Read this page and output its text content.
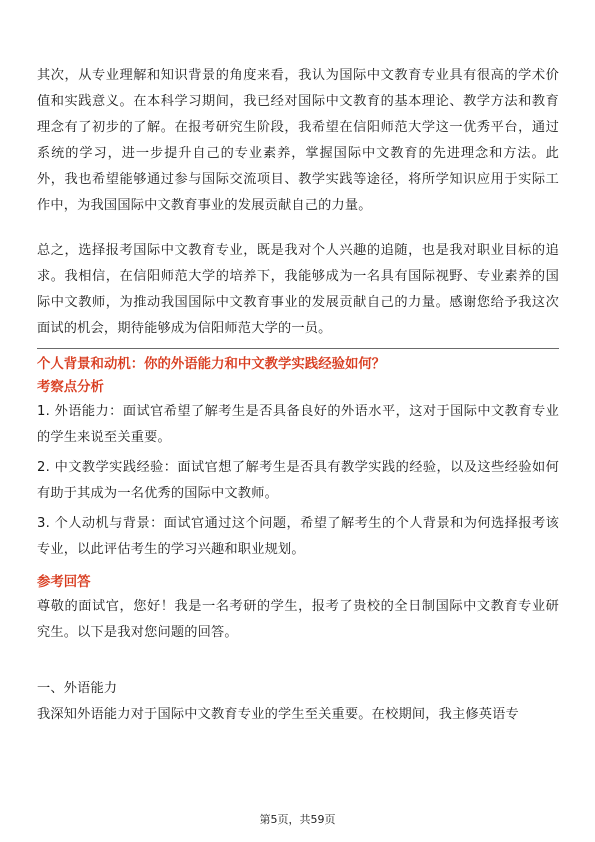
其次，从专业理解和知识背景的角度来看，我认为国际中文教育专业具有很高的学术价值和实践意义。在本科学习期间，我已经对国际中文教育的基本理论、教学方法和教育理念有了初步的了解。在报考研究生阶段，我希望在信阳师范大学这一优秀平台，通过系统的学习，进一步提升自己的专业素养，掌握国际中文教育的先进理念和方法。此外，我也希望能够通过参与国际交流项目、教学实践等途径，将所学知识应用于实际工作中，为我国国际中文教育事业的发展贡献自己的力量。

总之，选择报考国际中文教育专业，既是我对个人兴趣的追随，也是我对职业目标的追求。我相信，在信阳师范大学的培养下，我能够成为一名具有国际视野、专业素养的国际中文教师，为推动我国国际中文教育事业的发展贡献自己的力量。感谢您给予我这次面试的机会，期待能够成为信阳师范大学的一员。

个人背景和动机：你的外语能力和中文教学实践经验如何？
考察点分析

1. 外语能力：面试官希望了解考生是否具备良好的外语水平，这对于国际中文教育专业的学生来说至关重要。

2. 中文教学实践经验：面试官想了解考生是否具有教学实践的经验，以及这些经验如何有助于其成为一名优秀的国际中文教师。

3. 个人动机与背景：面试官通过这个问题，希望了解考生的个人背景和为何选择报考该专业，以此评估考生的学习兴趣和职业规划。

参考回答

尊敬的面试官，您好！我是一名考研的学生，报考了贵校的全日制国际中文教育专业研究生。以下是我对您问题的回答。

一、外语能力

我深知外语能力对于国际中文教育专业的学生至关重要。在校期间，我主修英语专

第5页，共59页
